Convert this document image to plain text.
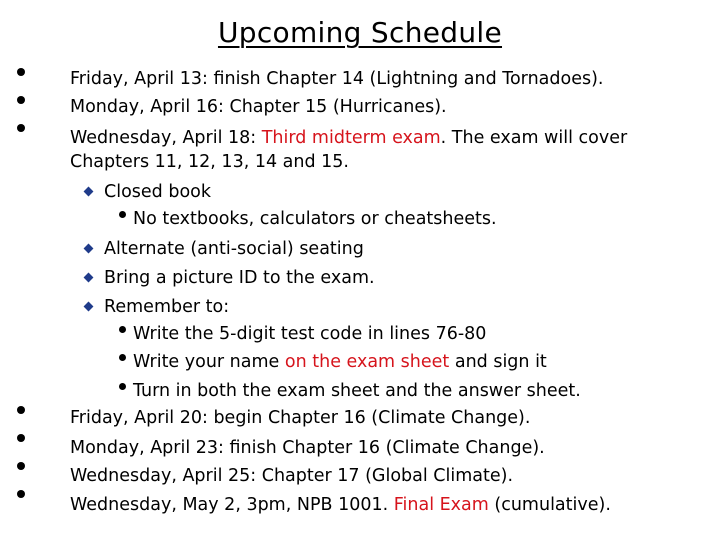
Upcoming Schedule
Friday, April 13: finish Chapter 14 (Lightning and Tornadoes).
Monday, April 16: Chapter 15 (Hurricanes).
Wednesday, April 18: Third midterm exam. The exam will cover
Chapters 11, 12, 13, 14 and 15.
Closed book
No textbooks, calculators or cheatsheets.
Alternate (anti-social) seating
Bring a picture ID to the exam.
Remember to:
Write the 5-digit test code in lines 76-80
Write your name on the exam sheet and sign it
Turn in both the exam sheet and the answer sheet.
Friday, April 20: begin Chapter 16 (Climate Change).
Monday, April 23: finish Chapter 16 (Climate Change).
Wednesday, April 25: Chapter 17 (Global Climate).
Wednesday, May 2, 3pm, NPB 1001. Final Exam (cumulative).
